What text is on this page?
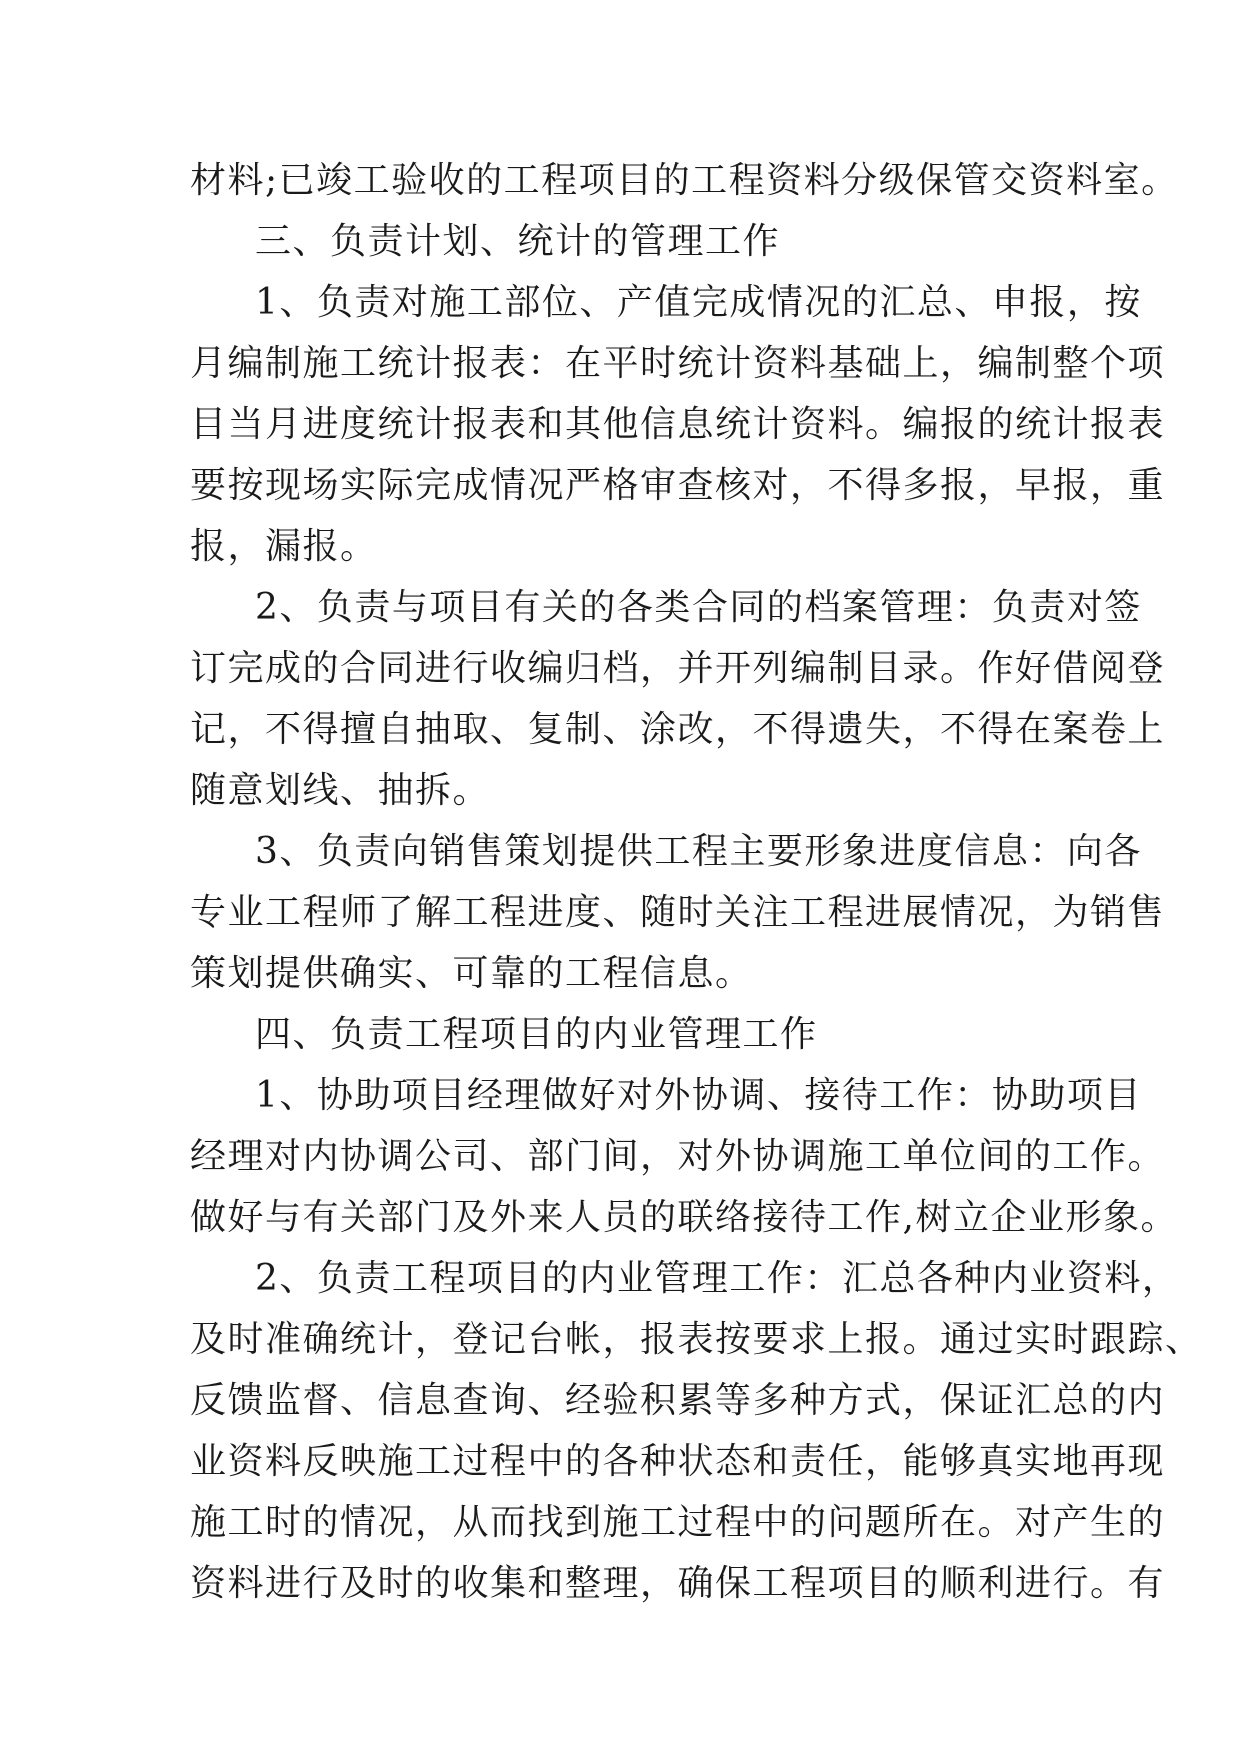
材料;已竣工验收的工程项目的工程资料分级保管交资料室。
三、负责计划、统计的管理工作
1、负责对施工部位、产值完成情况的汇总、申报，按
月编制施工统计报表：在平时统计资料基础上，编制整个项
目当月进度统计报表和其他信息统计资料。编报的统计报表
要按现场实际完成情况严格审查核对，不得多报，早报，重
报，漏报。
2、负责与项目有关的各类合同的档案管理：负责对签
订完成的合同进行收编归档，并开列编制目录。作好借阅登
记，不得擅自抽取、复制、涂改，不得遗失，不得在案卷上
随意划线、抽拆。
3、负责向销售策划提供工程主要形象进度信息：向各
专业工程师了解工程进度、随时关注工程进展情况，为销售
策划提供确实、可靠的工程信息。
四、负责工程项目的内业管理工作
1、协助项目经理做好对外协调、接待工作：协助项目
经理对内协调公司、部门间，对外协调施工单位间的工作。
做好与有关部门及外来人员的联络接待工作,树立企业形象。
2、负责工程项目的内业管理工作：汇总各种内业资料，
及时准确统计，登记台帐，报表按要求上报。通过实时跟踪、
反馈监督、信息查询、经验积累等多种方式，保证汇总的内
业资料反映施工过程中的各种状态和责任，能够真实地再现
施工时的情况，从而找到施工过程中的问题所在。对产生的
资料进行及时的收集和整理，确保工程项目的顺利进行。有
